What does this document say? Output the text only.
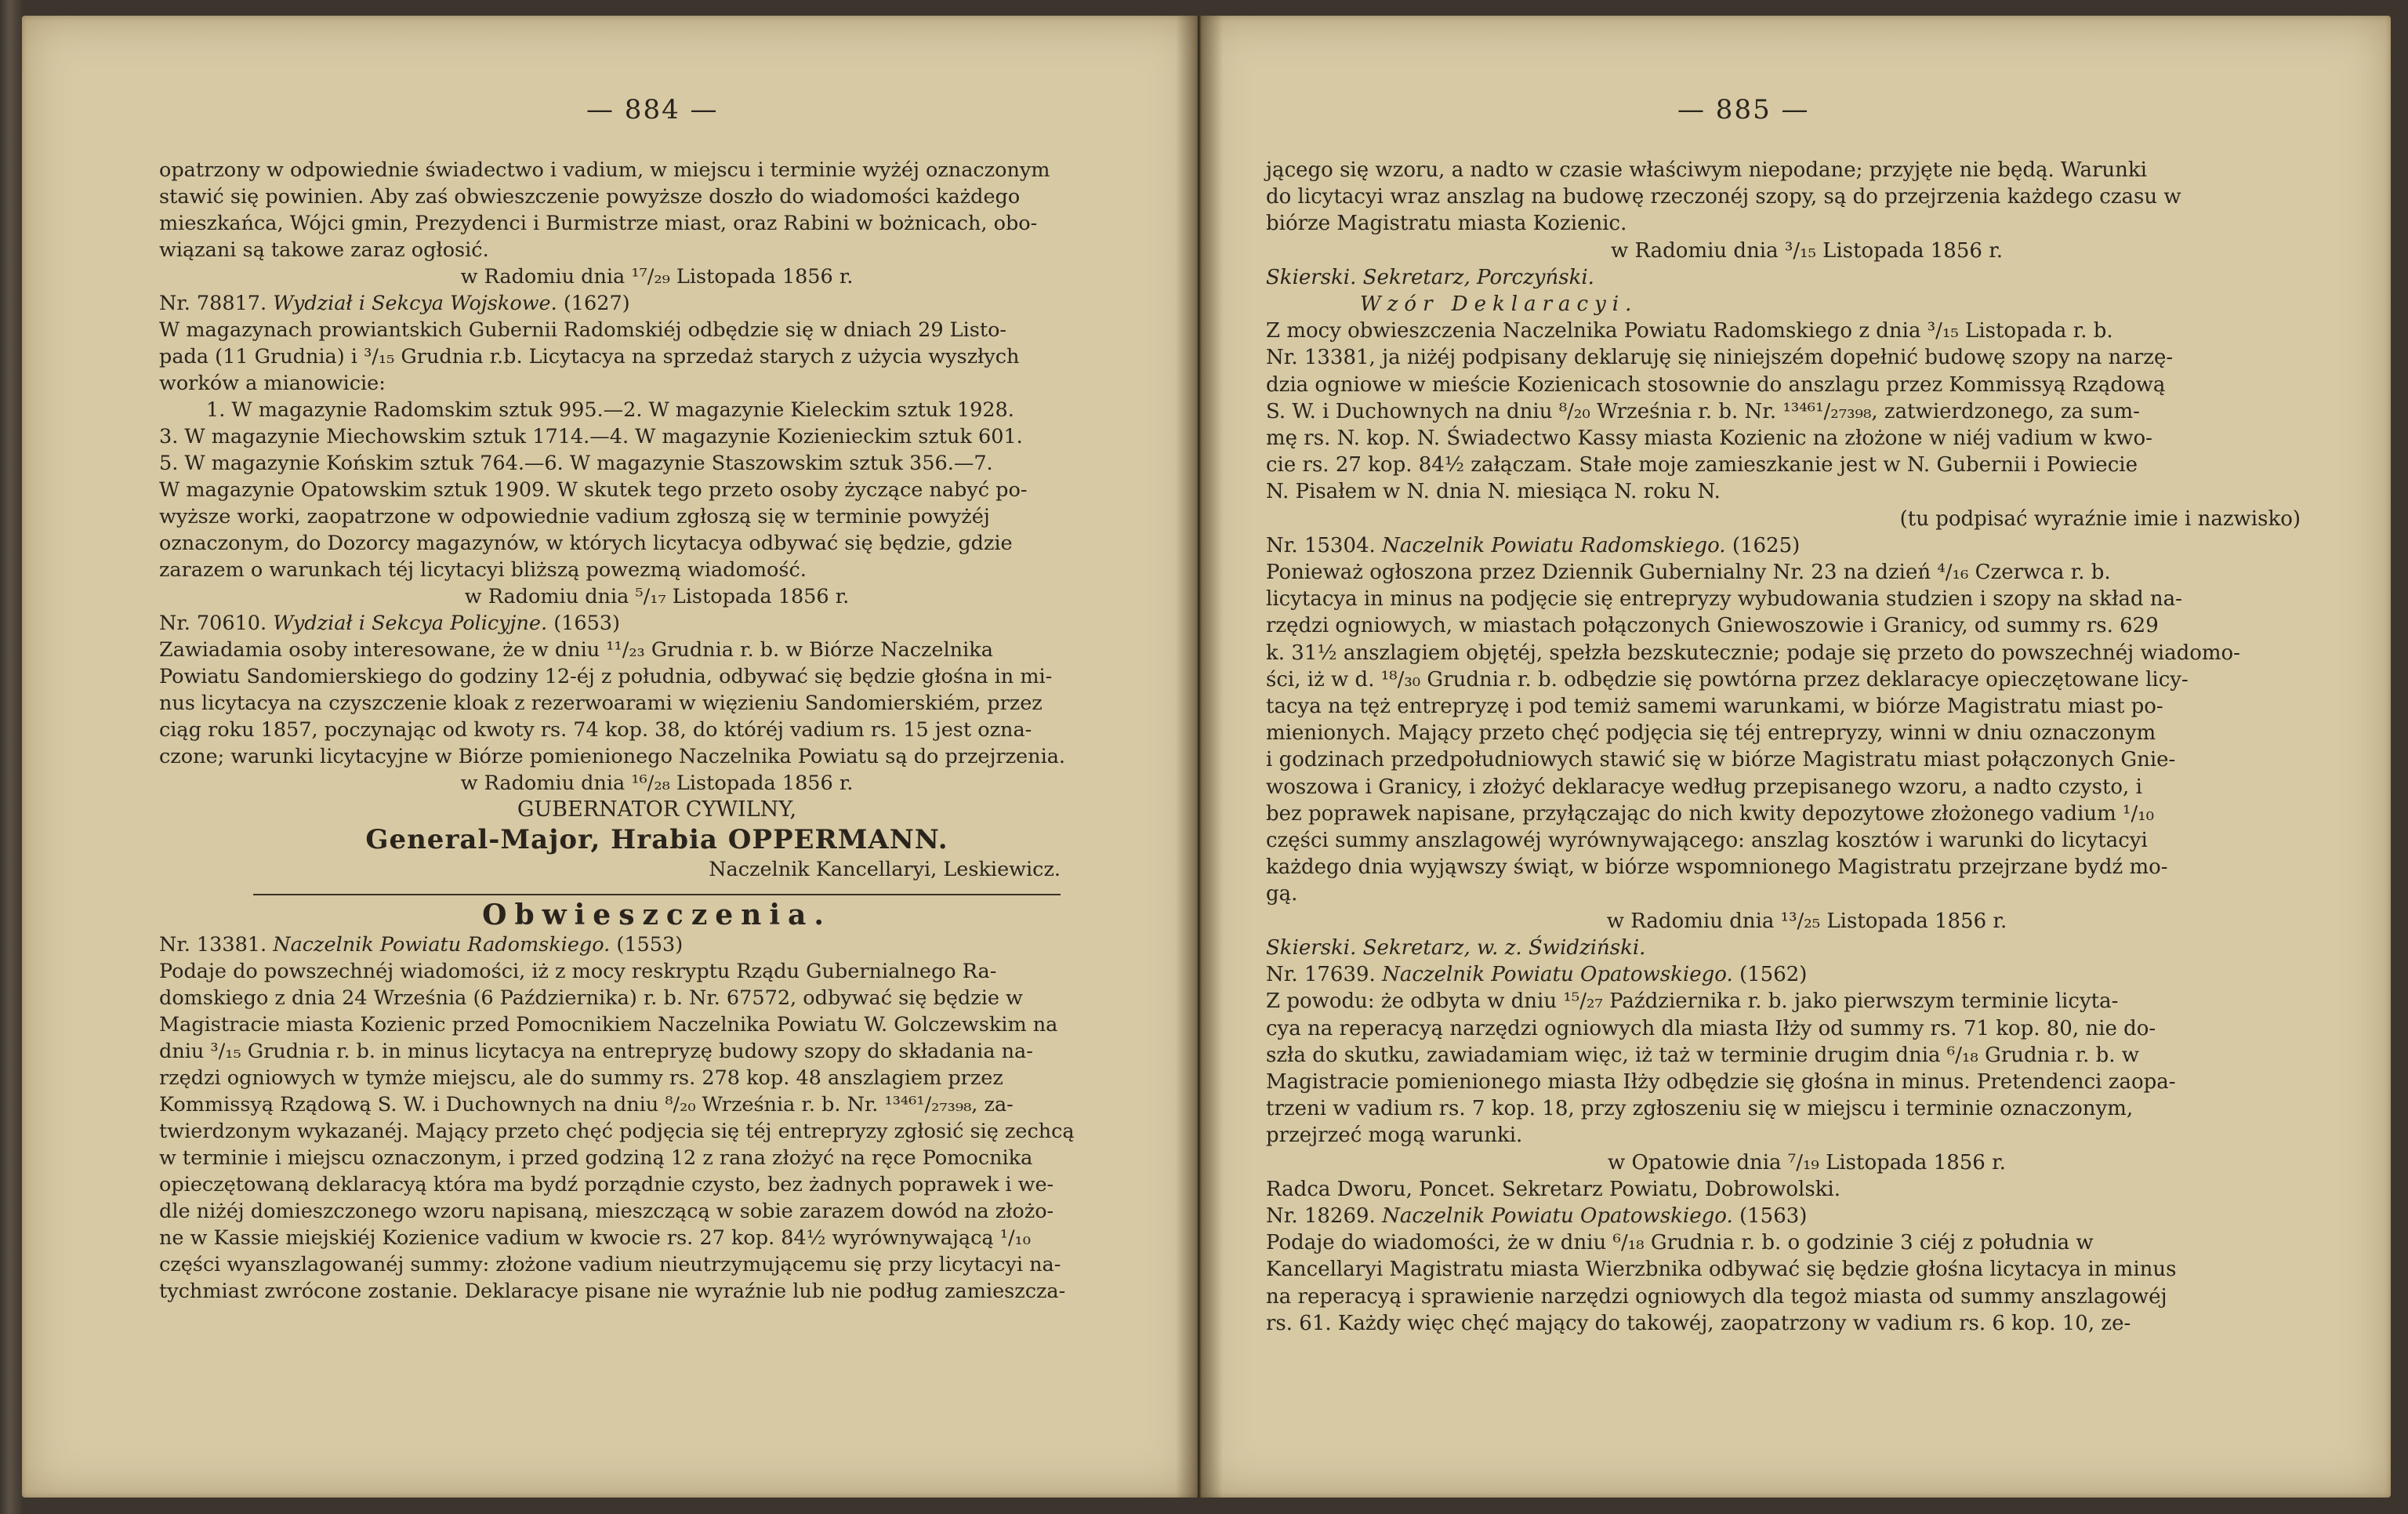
— 884 —
opatrzony w odpowiednie świadectwo i vadium, w miejscu i terminie wyżéj oznaczonym
stawić się powinien. Aby zaś obwieszczenie powyższe doszło do wiadomości każdego
mieszkańca, Wójci gmin, Prezydenci i Burmistrze miast, oraz Rabini w bożnicach, obo-
wiązani są takowe zaraz ogłosić.
w Radomiu dnia ¹⁷/₂₉ Listopada 1856 r.
Nr. 78817. Wydział i Sekcya Wojskowe. (1627)
W magazynach prowiantskich Gubernii Radomskiéj odbędzie się w dniach 29 Listo-
pada (11 Grudnia) i ³/₁₅ Grudnia r.b. Licytacya na sprzedaż starych z użycia wyszłych
worków a mianowicie:
1. W magazynie Radomskim sztuk 995.—2. W magazynie Kieleckim sztuk 1928.
3. W magazynie Miechowskim sztuk 1714.—4. W magazynie Kozienieckim sztuk 601.
5. W magazynie Końskim sztuk 764.—6. W magazynie Staszowskim sztuk 356.—7.
W magazynie Opatowskim sztuk 1909. W skutek tego przeto osoby życzące nabyć po-
wyższe worki, zaopatrzone w odpowiednie vadium zgłoszą się w terminie powyżéj
oznaczonym, do Dozorcy magazynów, w których licytacya odbywać się będzie, gdzie
zarazem o warunkach téj licytacyi bliższą powezmą wiadomość.
w Radomiu dnia ⁵/₁₇ Listopada 1856 r.
Nr. 70610. Wydział i Sekcya Policyjne. (1653)
Zawiadamia osoby interesowane, że w dniu ¹¹/₂₃ Grudnia r. b. w Biórze Naczelnika
Powiatu Sandomierskiego do godziny 12-éj z południa, odbywać się będzie głośna in mi-
nus licytacya na czyszczenie kloak z rezerwoarami w więzieniu Sandomierskiém, przez
ciąg roku 1857, poczynając od kwoty rs. 74 kop. 38, do któréj vadium rs. 15 jest ozna-
czone; warunki licytacyjne w Biórze pomienionego Naczelnika Powiatu są do przejrzenia.
w Radomiu dnia ¹⁶/₂₈ Listopada 1856 r.
GUBERNATOR CYWILNY,
General-Major, Hrabia OPPERMANN.
Naczelnik Kancellaryi, Leskiewicz.
Obwieszczenia.
Nr. 13381. Naczelnik Powiatu Radomskiego. (1553)
Podaje do powszechnéj wiadomości, iż z mocy reskryptu Rządu Gubernialnego Ra-
domskiego z dnia 24 Września (6 Października) r. b. Nr. 67572, odbywać się będzie w
Magistracie miasta Kozienic przed Pomocnikiem Naczelnika Powiatu W. Golczewskim na
dniu ³/₁₅ Grudnia r. b. in minus licytacya na entrepryzę budowy szopy do składania na-
rzędzi ogniowych w tymże miejscu, ale do summy rs. 278 kop. 48 anszlagiem przez
Kommissyą Rządową S. W. i Duchownych na dniu ⁸/₂₀ Września r. b. Nr. ¹³⁴⁶¹/₂₇₃₉₈, za-
twierdzonym wykazanéj. Mający przeto chęć podjęcia się téj entrepryzy zgłosić się zechcą
w terminie i miejscu oznaczonym, i przed godziną 12 z rana złożyć na ręce Pomocnika
opieczętowaną deklaracyą która ma bydź porządnie czysto, bez żadnych poprawek i we-
dle niżéj domieszczonego wzoru napisaną, mieszczącą w sobie zarazem dowód na złożo-
ne w Kassie miejskiéj Kozienice vadium w kwocie rs. 27 kop. 84½ wyrównywającą ¹/₁₀
części wyanszlagowanéj summy: złożone vadium nieutrzymującemu się przy licytacyi na-
tychmiast zwrócone zostanie. Deklaracye pisane nie wyraźnie lub nie podług zamieszcza-
— 885 —
jącego się wzoru, a nadto w czasie właściwym niepodane; przyjęte nie będą. Warunki
do licytacyi wraz anszlag na budowę rzeczonéj szopy, są do przejrzenia każdego czasu w
biórze Magistratu miasta Kozienic.
w Radomiu dnia ³/₁₅ Listopada 1856 r.
Skierski. Sekretarz, Porczyński.
Wzór Deklaracyi.
Z mocy obwieszczenia Naczelnika Powiatu Radomskiego z dnia ³/₁₅ Listopada r. b.
Nr. 13381, ja niżéj podpisany deklaruję się niniejszém dopełnić budowę szopy na narzę-
dzia ogniowe w mieście Kozienicach stosownie do anszlagu przez Kommissyą Rządową
S. W. i Duchownych na dniu ⁸/₂₀ Września r. b. Nr. ¹³⁴⁶¹/₂₇₃₉₈, zatwierdzonego, za sum-
mę rs. N. kop. N. Świadectwo Kassy miasta Kozienic na złożone w niéj vadium w kwo-
cie rs. 27 kop. 84½ załączam. Stałe moje zamieszkanie jest w N. Gubernii i Powiecie
N. Pisałem w N. dnia N. miesiąca N. roku N.
(tu podpisać wyraźnie imie i nazwisko)
Nr. 15304. Naczelnik Powiatu Radomskiego. (1625)
Ponieważ ogłoszona przez Dziennik Gubernialny Nr. 23 na dzień ⁴/₁₆ Czerwca r. b.
licytacya in minus na podjęcie się entrepryzy wybudowania studzien i szopy na skład na-
rzędzi ogniowych, w miastach połączonych Gniewoszowie i Granicy, od summy rs. 629
k. 31½ anszlagiem objętéj, spełzła bezskutecznie; podaje się przeto do powszechnéj wiadomo-
ści, iż w d. ¹⁸/₃₀ Grudnia r. b. odbędzie się powtórna przez deklaracye opieczętowane licy-
tacya na tęż entrepryzę i pod temiż samemi warunkami, w biórze Magistratu miast po-
mienionych. Mający przeto chęć podjęcia się téj entrepryzy, winni w dniu oznaczonym
i godzinach przedpołudniowych stawić się w biórze Magistratu miast połączonych Gnie-
woszowa i Granicy, i złożyć deklaracye według przepisanego wzoru, a nadto czysto, i
bez poprawek napisane, przyłączając do nich kwity depozytowe złożonego vadium ¹/₁₀
części summy anszlagowéj wyrównywającego: anszlag kosztów i warunki do licytacyi
każdego dnia wyjąwszy świąt, w biórze wspomnionego Magistratu przejrzane bydź mo-
gą.
w Radomiu dnia ¹³/₂₅ Listopada 1856 r.
Skierski. Sekretarz, w. z. Świdziński.
Nr. 17639. Naczelnik Powiatu Opatowskiego. (1562)
Z powodu: że odbyta w dniu ¹⁵/₂₇ Października r. b. jako pierwszym terminie licyta-
cya na reperacyą narzędzi ogniowych dla miasta Iłży od summy rs. 71 kop. 80, nie do-
szła do skutku, zawiadamiam więc, iż taż w terminie drugim dnia ⁶/₁₈ Grudnia r. b. w
Magistracie pomienionego miasta Iłży odbędzie się głośna in minus. Pretendenci zaopa-
trzeni w vadium rs. 7 kop. 18, przy zgłoszeniu się w miejscu i terminie oznaczonym,
przejrzeć mogą warunki.
w Opatowie dnia ⁷/₁₉ Listopada 1856 r.
Radca Dworu, Poncet. Sekretarz Powiatu, Dobrowolski.
Nr. 18269. Naczelnik Powiatu Opatowskiego. (1563)
Podaje do wiadomości, że w dniu ⁶/₁₈ Grudnia r. b. o godzinie 3 ciéj z południa w
Kancellaryi Magistratu miasta Wierzbnika odbywać się będzie głośna licytacya in minus
na reperacyą i sprawienie narzędzi ogniowych dla tegoż miasta od summy anszlagowéj
rs. 61. Każdy więc chęć mający do takowéj, zaopatrzony w vadium rs. 6 kop. 10, ze-
